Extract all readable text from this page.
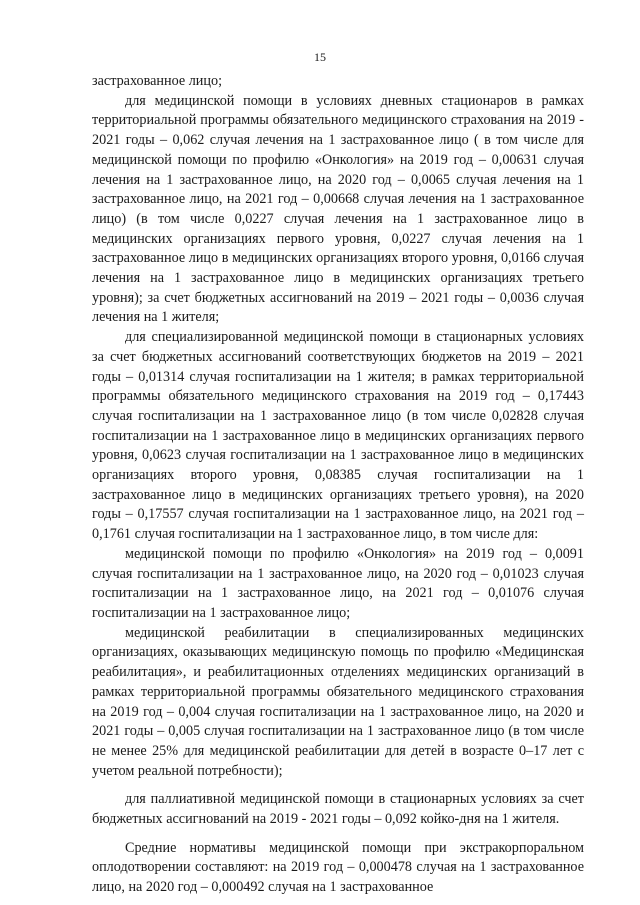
15

застрахованное лицо;

для медицинской помощи в условиях дневных стационаров в рамках территориальной программы обязательного медицинского страхования на 2019 - 2021 годы – 0,062 случая лечения на 1 застрахованное лицо ( в том числе для медицинской помощи по профилю «Онкология» на 2019 год – 0,00631 случая лечения на 1 застрахованное лицо, на 2020 год – 0,0065 случая лечения на 1 застрахованное лицо, на 2021 год – 0,00668 случая лечения на 1 застрахованное лицо) (в том числе 0,0227 случая лечения на 1 застрахованное лицо в медицинских организациях первого уровня, 0,0227 случая лечения на 1 застрахованное лицо в медицинских организациях второго уровня, 0,0166 случая лечения на 1 застрахованное лицо в медицинских организациях третьего уровня); за счет бюджетных ассигнований на 2019 – 2021 годы – 0,0036 случая лечения на 1 жителя;

для специализированной медицинской помощи в стационарных условиях за счет бюджетных ассигнований соответствующих бюджетов на 2019 – 2021 годы – 0,01314 случая госпитализации на 1 жителя; в рамках территориальной программы обязательного медицинского страхования на 2019 год – 0,17443 случая госпитализации на 1 застрахованное лицо (в том числе 0,02828 случая госпитализации на 1 застрахованное лицо в медицинских организациях первого уровня, 0,0623 случая госпитализации на 1 застрахованное лицо в медицинских организациях второго уровня, 0,08385 случая госпитализации на 1 застрахованное лицо в медицинских организациях третьего уровня), на 2020 годы – 0,17557 случая госпитализации на 1 застрахованное лицо, на 2021 год – 0,1761 случая госпитализации на 1 застрахованное лицо, в том числе для:

медицинской помощи по профилю «Онкология» на 2019 год – 0,0091 случая госпитализации на 1 застрахованное лицо, на 2020 год – 0,01023 случая госпитализации на 1 застрахованное лицо, на 2021 год – 0,01076 случая госпитализации на 1 застрахованное лицо;

медицинской реабилитации в специализированных медицинских организациях, оказывающих медицинскую помощь по профилю «Медицинская реабилитация», и реабилитационных отделениях медицинских организаций в рамках территориальной программы обязательного медицинского страхования на 2019 год – 0,004 случая госпитализации на 1 застрахованное лицо, на 2020 и 2021 годы – 0,005 случая госпитализации на 1 застрахованное лицо (в том числе не менее 25% для медицинской реабилитации для детей в возрасте 0–17 лет с учетом реальной потребности);

для паллиативной медицинской помощи в стационарных условиях за счет бюджетных ассигнований на 2019 - 2021 годы – 0,092 койко-дня на 1 жителя.

Средние нормативы медицинской помощи при экстракорпоральном оплодотворении составляют: на 2019 год – 0,000478 случая на 1 застрахованное лицо, на 2020 год – 0,000492 случая на 1 застрахованное
